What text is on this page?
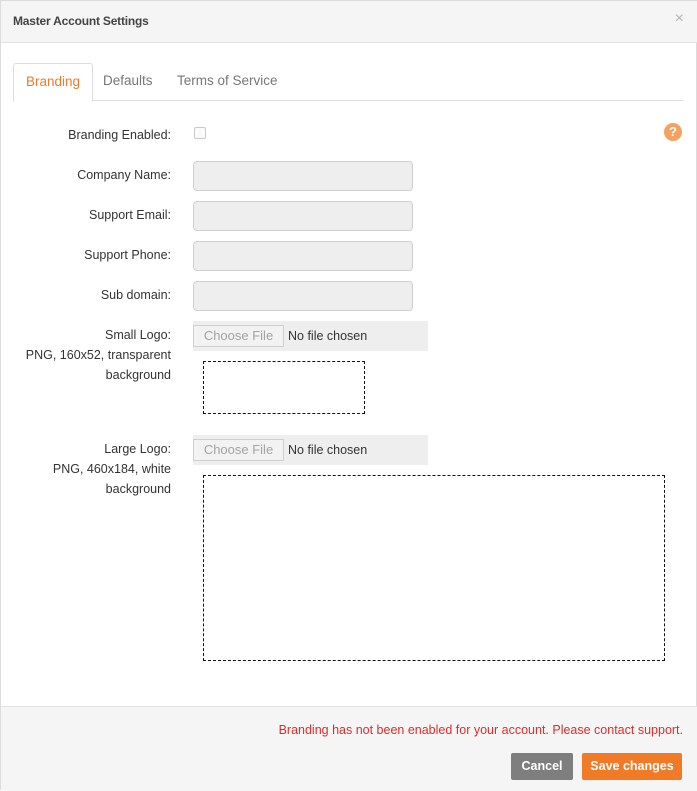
Master Account Settings	×
Branding	Defaults	Terms of Service
?
Branding Enabled:
Company Name:
Support Email:
Support Phone:
Sub domain:
Small Logo:
PNG, 160x52, transparent
background
Choose File	No file chosen
Large Logo:
PNG, 460x184, white
background
Choose File	No file chosen
Branding has not been enabled for your account. Please contact support.
Cancel	Save changes
